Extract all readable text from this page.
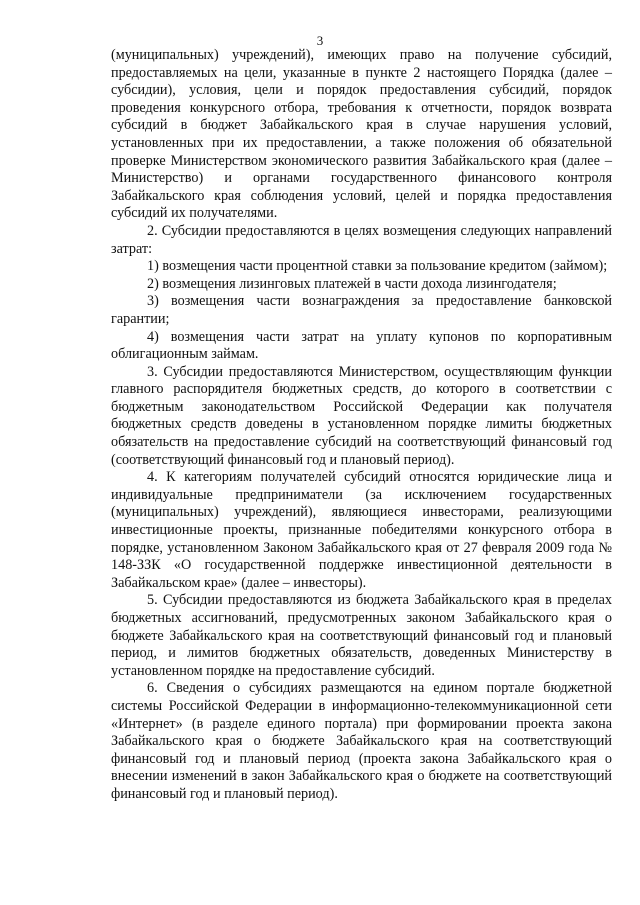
3

(муниципальных) учреждений), имеющих право на получение субсидий, предоставляемых на цели, указанные в пункте 2 настоящего Порядка (далее – субсидии), условия, цели и порядок предоставления субсидий, порядок проведения конкурсного отбора, требования к отчетности, порядок возврата субсидий в бюджет Забайкальского края в случае нарушения условий, установленных при их предоставлении, а также положения об обязательной проверке Министерством экономического развития Забайкальского края (далее – Министерство) и органами государственного финансового контроля Забайкальского края соблюдения условий, целей и порядка предоставления субсидий их получателями.

2. Субсидии предоставляются в целях возмещения следующих направлений затрат:

1) возмещения части процентной ставки за пользование кредитом (займом);

2) возмещения лизинговых платежей в части дохода лизингодателя;

3) возмещения части вознаграждения за предоставление банковской гарантии;

4) возмещения части затрат на уплату купонов по корпоративным облигационным займам.

3. Субсидии предоставляются Министерством, осуществляющим функции главного распорядителя бюджетных средств, до которого в соответствии с бюджетным законодательством Российской Федерации как получателя бюджетных средств доведены в установленном порядке лимиты бюджетных обязательств на предоставление субсидий на соответствующий финансовый год (соответствующий финансовый год и плановый период).

4. К категориям получателей субсидий относятся юридические лица и индивидуальные предприниматели (за исключением государственных (муниципальных) учреждений), являющиеся инвесторами, реализующими инвестиционные проекты, признанные победителями конкурсного отбора в порядке, установленном Законом Забайкальского края от 27 февраля 2009 года № 148-ЗЗК «О государственной поддержке инвестиционной деятельности в Забайкальском крае» (далее – инвесторы).

5. Субсидии предоставляются из бюджета Забайкальского края в пределах бюджетных ассигнований, предусмотренных законом Забайкальского края о бюджете Забайкальского края на соответствующий финансовый год и плановый период, и лимитов бюджетных обязательств, доведенных Министерству в установленном порядке на предоставление субсидий.

6. Сведения о субсидиях размещаются на едином портале бюджетной системы Российской Федерации в информационно-телекоммуникационной сети «Интернет» (в разделе единого портала) при формировании проекта закона Забайкальского края о бюджете Забайкальского края на соответствующий финансовый год и плановый период (проекта закона Забайкальского края о внесении изменений в закон Забайкальского края о бюджете на соответствующий финансовый год и плановый период).
